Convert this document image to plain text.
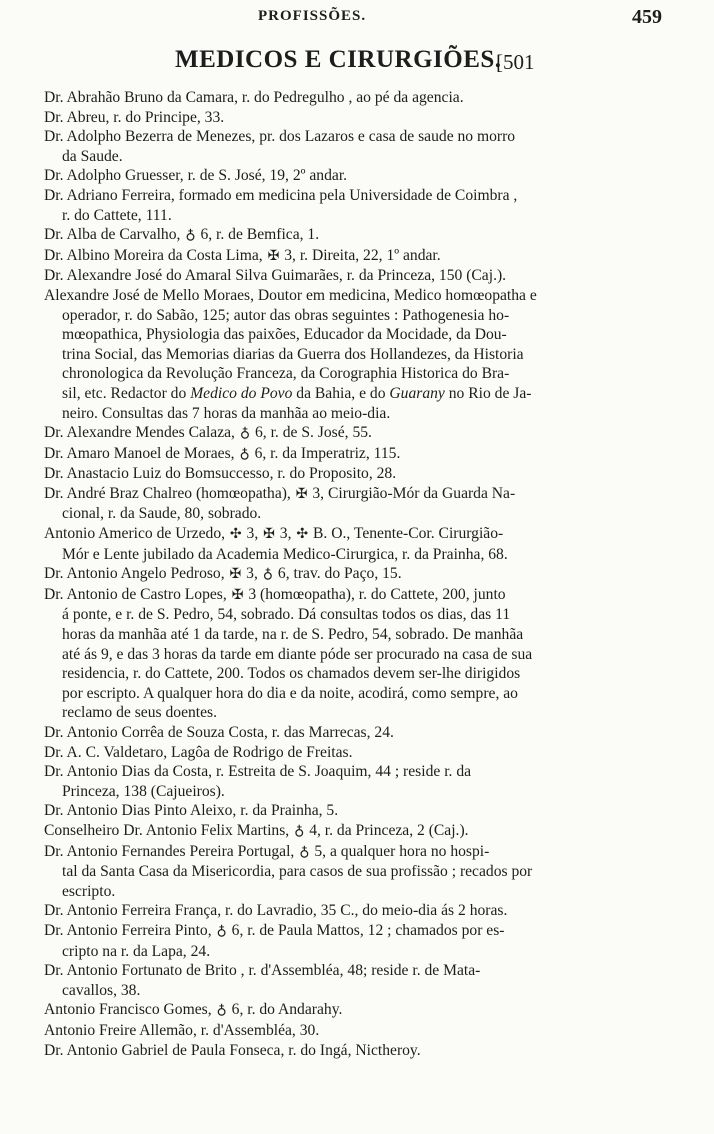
PROFISSÕES.	459
MEDICOS E CIRURGIÕES.
[501
Dr. Abrahão Bruno da Camara, r. do Pedregulho , ao pé da agencia.
Dr. Abreu, r. do Principe, 33.
Dr. Adolpho Bezerra de Menezes, pr. dos Lazaros e casa de saude no morro
da Saude.
Dr. Adolpho Gruesser, r. de S. José, 19, 2º andar.
Dr. Adriano Ferreira, formado em medicina pela Universidade de Coimbra ,
r. do Cattete, 111.
Dr. Alba de Carvalho, ♁ 6, r. de Bemfica, 1.
Dr. Albino Moreira da Costa Lima, ✠ 3, r. Direita, 22, 1º andar.
Dr. Alexandre José do Amaral Silva Guimarães, r. da Princeza, 150 (Caj.).
Alexandre José de Mello Moraes, Doutor em medicina, Medico homœopatha e
operador, r. do Sabão, 125; autor das obras seguintes : Pathogenesia ho-
mœopathica, Physiologia das paixões, Educador da Mocidade, da Dou-
trina Social, das Memorias diarias da Guerra dos Hollandezes, da Historia
chronologica da Revolução Franceza, da Corographia Historica do Bra-
sil, etc. Redactor do Medico do Povo da Bahia, e do Guarany no Rio de Ja-
neiro. Consultas das 7 horas da manhãa ao meio-dia.
Dr. Alexandre Mendes Calaza, ♁ 6, r. de S. José, 55.
Dr. Amaro Manoel de Moraes, ♁ 6, r. da Imperatriz, 115.
Dr. Anastacio Luiz do Bomsuccesso, r. do Proposito, 28.
Dr. André Braz Chalreo (homœopatha), ✠ 3, Cirurgião-Mór da Guarda Na-
cional, r. da Saude, 80, sobrado.
Antonio Americo de Urzedo, ✣ 3, ✠ 3, ✣ B. O., Tenente-Cor. Cirurgião-
Mór e Lente jubilado da Academia Medico-Cirurgica, r. da Prainha, 68.
Dr. Antonio Angelo Pedroso, ✠ 3, ♁ 6, trav. do Paço, 15.
Dr. Antonio de Castro Lopes, ✠ 3 (homœopatha), r. do Cattete, 200, junto
á ponte, e r. de S. Pedro, 54, sobrado. Dá consultas todos os dias, das 11
horas da manhãa até 1 da tarde, na r. de S. Pedro, 54, sobrado. De manhãa
até ás 9, e das 3 horas da tarde em diante póde ser procurado na casa de sua
residencia, r. do Cattete, 200. Todos os chamados devem ser-lhe dirigidos
por escripto. A qualquer hora do dia e da noite, acodirá, como sempre, ao
reclamo de seus doentes.
Dr. Antonio Corrêa de Souza Costa, r. das Marrecas, 24.
Dr. A. C. Valdetaro, Lagôa de Rodrigo de Freitas.
Dr. Antonio Dias da Costa, r. Estreita de S. Joaquim, 44 ; reside r. da
Princeza, 138 (Cajueiros).
Dr. Antonio Dias Pinto Aleixo, r. da Prainha, 5.
Conselheiro Dr. Antonio Felix Martins, ♁ 4, r. da Princeza, 2 (Caj.).
Dr. Antonio Fernandes Pereira Portugal, ♁ 5, a qualquer hora no hospi-
tal da Santa Casa da Misericordia, para casos de sua profissão ; recados por
escripto.
Dr. Antonio Ferreira França, r. do Lavradio, 35 C., do meio-dia ás 2 horas.
Dr. Antonio Ferreira Pinto, ♁ 6, r. de Paula Mattos, 12 ; chamados por es-
cripto na r. da Lapa, 24.
Dr. Antonio Fortunato de Brito , r. d'Assembléa, 48; reside r. de Mata-
cavallos, 38.
Antonio Francisco Gomes, ♁ 6, r. do Andarahy.
Antonio Freire Allemão, r. d'Assembléa, 30.
Dr. Antonio Gabriel de Paula Fonseca, r. do Ingá, Nictheroy.
